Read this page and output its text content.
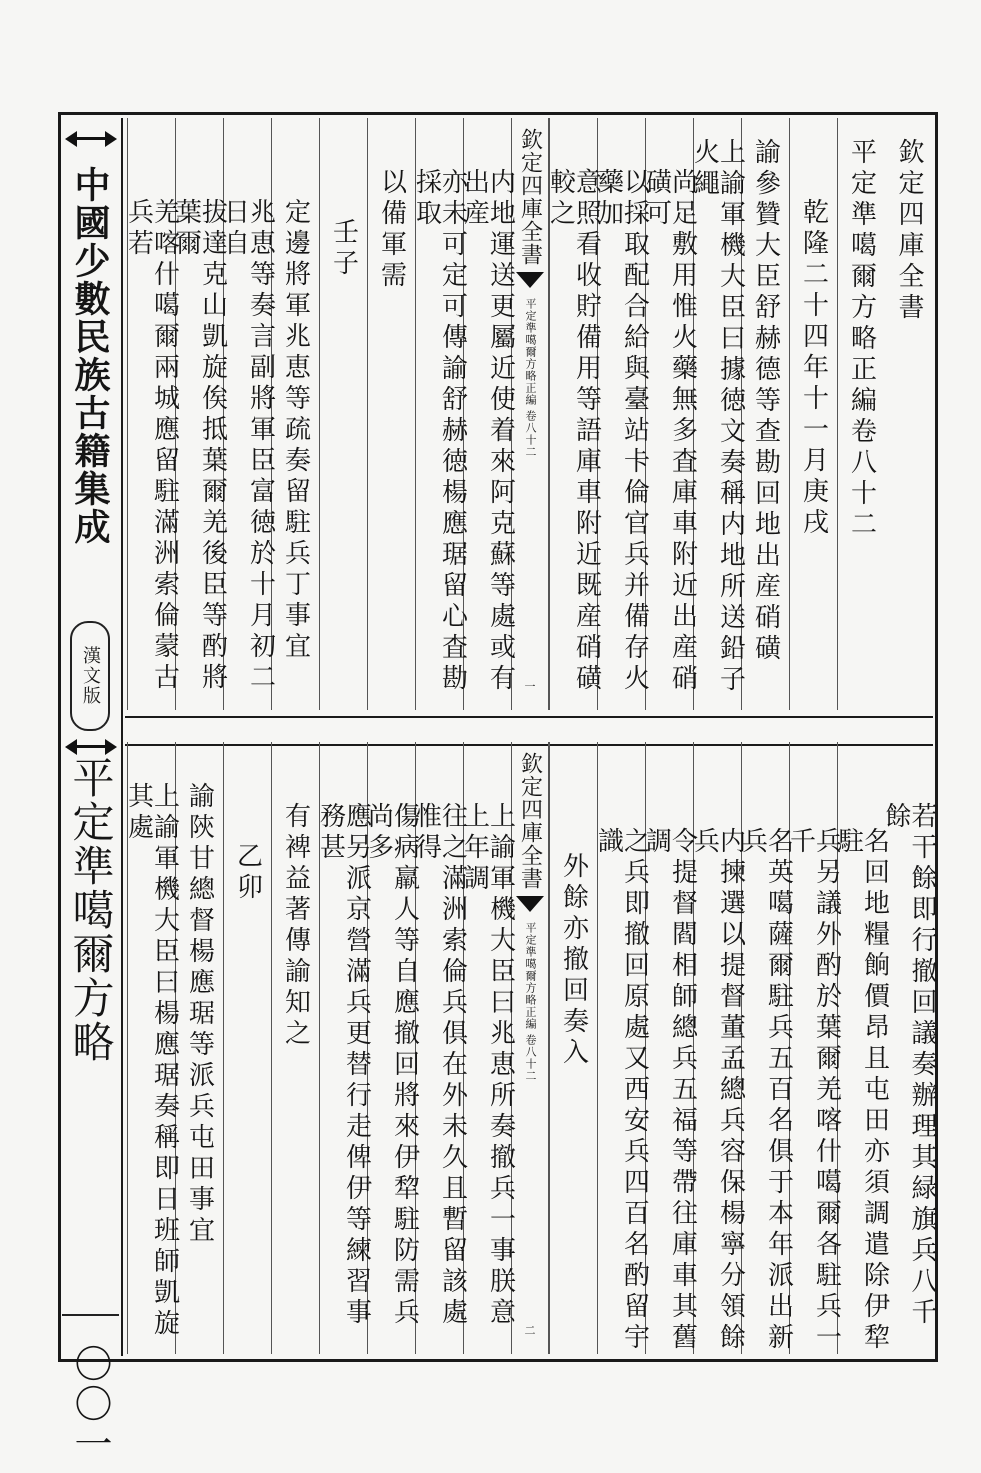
中國少數民族古籍集成
漢文版
平定準噶爾方略
〇〇一
欽定四庫全書
平定準噶爾方略正編卷八十二
乾隆二十四年十一月庚戌
諭參贊大臣舒赫德等查勘回地出産硝磺
上諭軍機大臣曰據徳文奏稱内地所送鉛子火繩
尚足敷用惟火藥無多査庫車附近出産硝磺可
以採取配合給與臺站卡倫官兵并備存火藥加
意照看收貯備用等語庫車附近既産硝磺較之
欽定四庫全書
平定準噶爾方略正編
卷八十二
一
内地運送更屬近使着來阿克蘇等處或有出産
亦未可定可傳諭舒赫徳楊應琚留心査勘採取
以備軍需
壬子
定邊將軍兆恵等疏奏留駐兵丁事宜
兆恵等奏言副將軍臣富徳於十月初二日自
拔達克山凱旋俟抵葉爾羌後臣等酌將葉爾
羌喀什噶爾兩城應留駐滿洲索倫蒙古兵若
若干餘即行撤回議奏辦理其緑旗兵八千餘
名回地糧餉價昂且屯田亦須調遣除伊犂駐
兵另議外酌於葉爾羌喀什噶爾各駐兵一千
名英噶薩爾駐兵五百名俱于本年派出新兵
内揀選以提督董孟總兵容保楊寧分領餘兵
令提督閻相師總兵五福等帶往庫車其舊調
之兵即撤回原處又西安兵四百名酌留宇識
外餘亦撤回奏入
欽定四庫全書
平定準噶爾方略正編
卷八十二
二
上諭軍機大臣曰兆恵所奏撤兵一事朕意上年調
往之滿洲索倫兵俱在外未久且暫留該處惟得
傷病羸人等自應撤回將來伊犂駐防需兵尚多
應另派京營滿兵更替行走俾伊等練習事務甚
有裨益著傳諭知之
乙卯
諭陝甘總督楊應琚等派兵屯田事宜
上諭軍機大臣曰楊應琚奏稱即日班師凱旋其處
